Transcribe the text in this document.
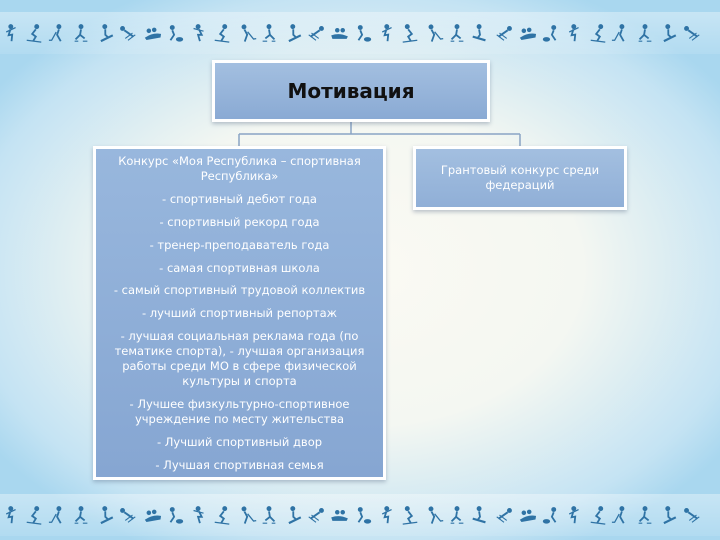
Мотивация
Конкурс «Моя Республика – спортивная Республика»
- спортивный дебют года
- спортивный рекорд года
- тренер-преподаватель года
- самая спортивная школа
- самый спортивный трудовой коллектив
- лучший спортивный репортаж
- лучшая социальная реклама года (по тематике спорта), - лучшая организация работы среди МО в сфере физической культуры и спорта
- Лучшее физкультурно-спортивное учреждение по месту жительства
- Лучший спортивный двор
- Лучшая спортивная семья
Грантовый конкурс среди федераций
